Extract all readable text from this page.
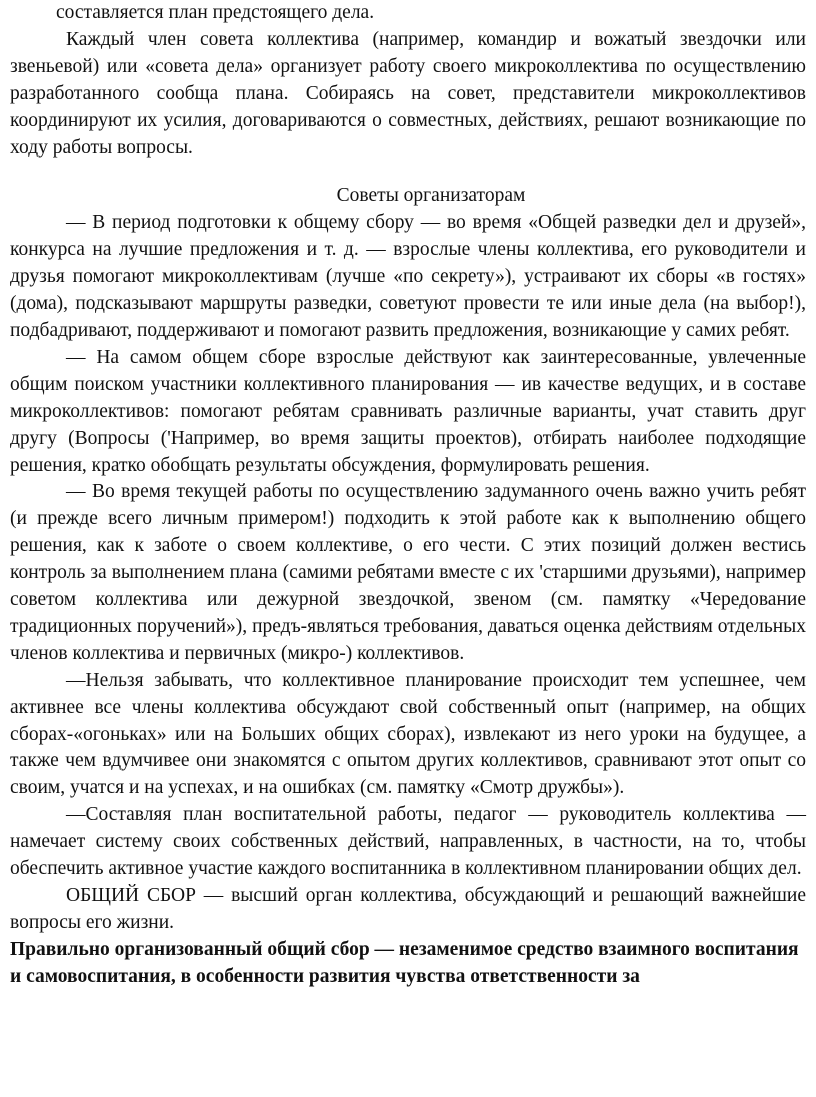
составляется план предстоящего дела.

Каждый член совета коллектива (например, командир и вожатый звездочки или звеньевой) или «совета дела» организует работу своего микроколлектива по осуществлению разработанного сообща плана. Собираясь на совет, представители микроколлективов координируют их усилия, договариваются о совместных, действиях, решают возникающие по ходу работы вопросы.

Советы организаторам

— В период подготовки к общему сбору — во время «Общей разведки дел и друзей», конкурса на лучшие предложения и т. д. — взрослые члены коллектива, его руководители и друзья помогают микроколлективам (лучше «по секрету»), устраивают их сборы «в гостях» (дома), подсказывают маршруты разведки, советуют провести те или иные дела (на выбор!), подбадривают, поддерживают и помогают развить предложения, возникающие у самих ребят.

— На самом общем сборе взрослые действуют как заинтересованные, увлеченные общим поиском участники коллективного планирования — ив качестве ведущих, и в составе микроколлективов: помогают ребятам сравнивать различные варианты, учат ставить друг другу (Вопросы ('Например, во время защиты проектов), отбирать наиболее подходящие решения, кратко обобщать результаты обсуждения, формулировать решения.

— Во время текущей работы по осуществлению задуманного очень важно учить ребят (и прежде всего личным примером!) подходить к этой работе как к выполнению общего решения, как к заботе о своем коллективе, о его чести. С этих позиций должен вестись контроль за выполнением плана (самими ребятами вместе с их 'старшими друзьями), например советом коллектива или дежурной звездочкой, звеном (см. памятку «Чередование традиционных поручений»), предъ-являться требования, даваться оценка действиям отдельных членов коллектива и первичных (микро-) коллективов.

—Нельзя забывать, что коллективное планирование происходит тем успешнее, чем активнее все члены коллектива обсуждают свой собственный опыт (например, на общих сборах-«огоньках» или на Больших общих сборах), извлекают из него уроки на будущее, а также чем вдумчивее они знакомятся с опытом других коллективов, сравнивают этот опыт со своим, учатся и на успехах, и на ошибках (см. памятку «Смотр дружбы»).

—Составляя план воспитательной работы, педагог — руководитель коллектива — намечает систему своих собственных действий, направленных, в частности, на то, чтобы обеспечить активное участие каждого воспитанника в коллективном планировании общих дел.

ОБЩИЙ СБОР — высший орган коллектива, обсуждающий и решающий важнейшие вопросы его жизни.

Правильно организованный общий сбор — незаменимое средство взаимного воспитания и самовоспитания, в особенности развития чувства ответственности за
